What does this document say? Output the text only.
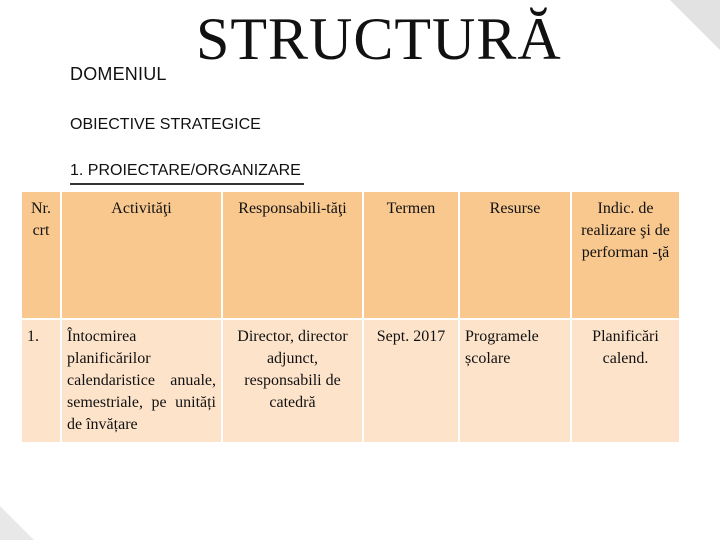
DOMENIUL
STRUCTURĂ
OBIECTIVE STRATEGICE
1. PROIECTARE/ORGANIZARE
Nr. crt	Activităţi	Responsabili-tăţi	Termen	Resurse	Indic. de realizare şi de performan -ţă
1.	Întocmirea planificărilor calendaristice anuale, semestriale, pe unități de învățare	Director, director adjunct, responsabili de catedră	Sept. 2017	Programele școlare	Planificări calend.
